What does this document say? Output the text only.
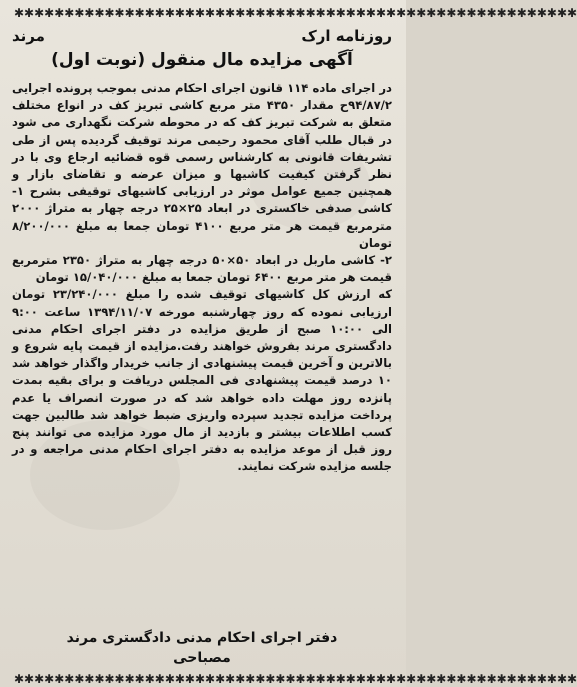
✱✱✱✱✱✱✱✱✱✱✱✱✱✱✱✱✱✱✱✱✱✱✱✱✱✱✱✱✱✱✱✱✱✱✱✱✱✱✱✱✱✱✱✱✱✱✱✱✱✱✱✱✱✱✱✱
روزنامه ارک
مرند
آگهی مزایده مال منقول (نوبت اول)

در اجرای ماده ۱۱۴ قانون اجرای احکام مدنی بموجب پرونده اجرایی ۹۴/۸۷/۲ح مقدار ۴۳۵۰ متر مربع کاشی تبریز کف در انواع مختلف متعلق به شرکت تبریز کف که در محوطه شرکت نگهداری می شود در قبال طلب آقای محمود رحیمی مرند توقیف گردیده پس از طی تشریفات قانونی به کارشناس رسمی قوه قضائیه ارجاع وی با در نظر گرفتن کیفیت کاشیها و میزان عرضه و تقاضای بازار و همچنین جمیع عوامل موثر در ارزیابی کاشیهای توقیفی بشرح ۱- کاشی صدفی خاکستری در ابعاد ۲۵×۲۵ درجه چهار به متراژ ۲۰۰۰ مترمربع قیمت هر متر مربع ۴۱۰۰ تومان جمعا به مبلغ ۸/۲۰۰/۰۰۰ تومان

۲- کاشی ماربل در ابعاد ۵۰×۵۰ درجه چهار به متراژ ۲۳۵۰ مترمربع قیمت هر متر مربع ۶۴۰۰ تومان جمعا به مبلغ ۱۵/۰۴۰/۰۰۰ تومان

که ارزش کل کاشیهای توقیف شده را مبلغ ۲۳/۲۴۰/۰۰۰ تومان ارزیابی نموده که روز چهارشنبه مورخه ۱۳۹۴/۱۱/۰۷ ساعت ۹:۰۰ الی ۱۰:۰۰ صبح از طریق مزایده در دفتر اجرای احکام مدنی دادگستری مرند بفروش خواهند رفت.مزایده از قیمت پایه شروع و بالاترین و آخرین قیمت پیشنهادی از جانب خریدار واگذار خواهد شد ۱۰ درصد قیمت پیشنهادی فی المجلس دریافت و برای بقیه بمدت پانزده روز مهلت داده خواهد شد که در صورت انصراف یا عدم پرداخت مزایده تجدید سپرده واریزی ضبط خواهد شد طالبین جهت کسب اطلاعات بیشتر و بازدید از مال مورد مزایده می توانند پنج روز قبل از موعد مزایده به دفتر اجرای احکام مدنی مراجعه و در جلسه مزایده شرکت نمایند.

دفتر اجرای احکام مدنی دادگستری مرند
مصباحی
✱✱✱✱✱✱✱✱✱✱✱✱✱✱✱✱✱✱✱✱✱✱✱✱✱✱✱✱✱✱✱✱✱✱✱✱✱✱✱✱✱✱✱✱✱✱✱✱✱✱✱✱✱✱✱✱
